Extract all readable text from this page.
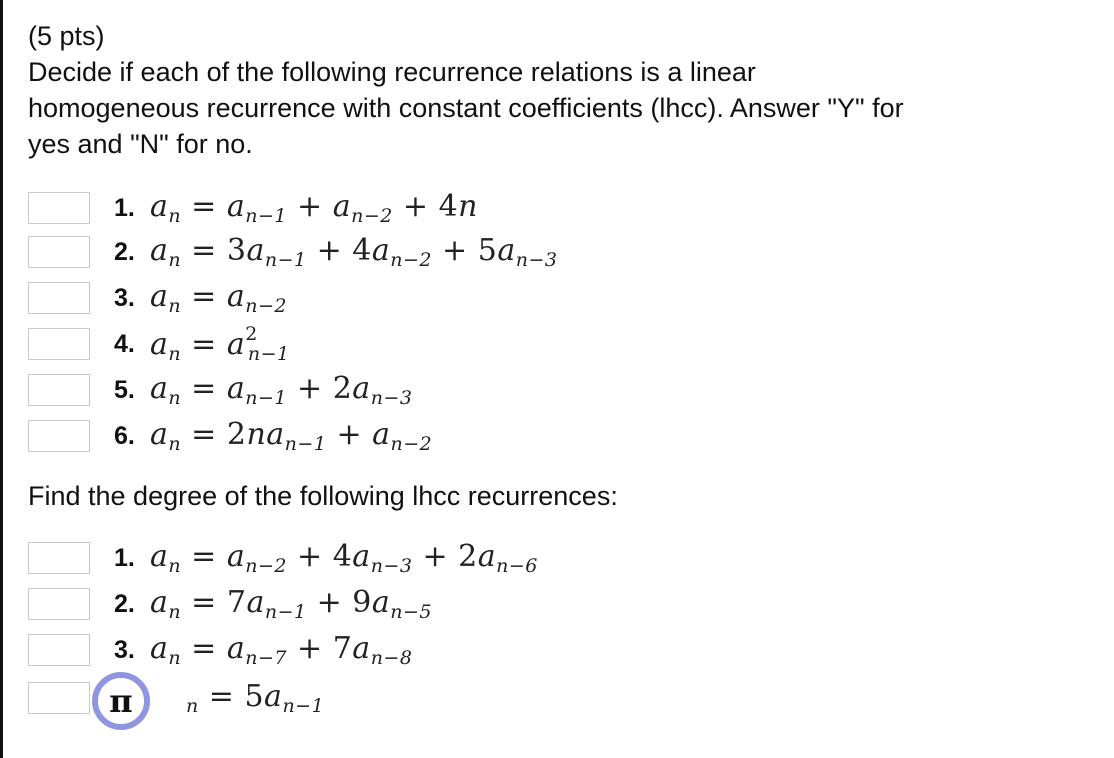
(5 pts)
Decide if each of the following recurrence relations is a linear
homogeneous recurrence with constant coefficients (lhcc). Answer "Y" for
yes and "N" for no.
1. $a_n = a_{n-1} + a_{n-2} + 4n$
2. $a_n = 3a_{n-1} + 4a_{n-2} + 5a_{n-3}$
3. $a_n = a_{n-2}$
4. $a_n = a^2_{n-1}$
5. $a_n = a_{n-1} + 2a_{n-3}$
6. $a_n = 2na_{n-1} + a_{n-2}$
Find the degree of the following lhcc recurrences:
1. $a_n = a_{n-2} + 4a_{n-3} + 2a_{n-6}$
2. $a_n = 7a_{n-1} + 9a_{n-5}$
3. $a_n = a_{n-7} + 7a_{n-8}$
$_n = 5a_{n-1}$
π
